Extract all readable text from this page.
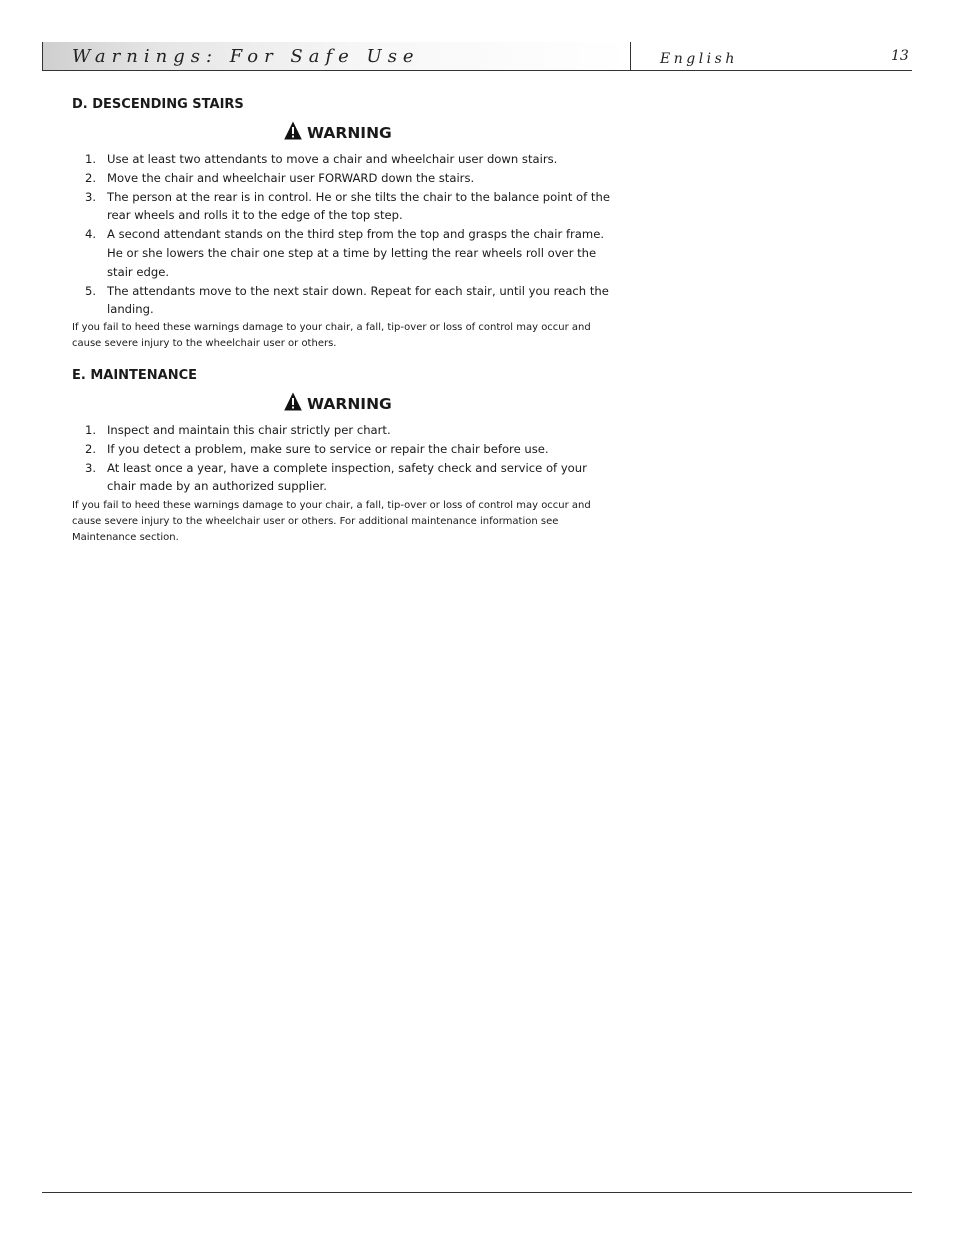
Warnings: For Safe Use	English	13
D. DESCENDING STAIRS
WARNING
1. Use at least two attendants to move a chair and wheelchair user down stairs.
2. Move the chair and wheelchair user FORWARD down the stairs.
3. The person at the rear is in control. He or she tilts the chair to the balance point of the rear wheels and rolls it to the edge of the top step.
4. A second attendant stands on the third step from the top and grasps the chair frame. He or she lowers the chair one step at a time by letting the rear wheels roll over the stair edge.
5. The attendants move to the next stair down. Repeat for each stair, until you reach the landing.
If you fail to heed these warnings damage to your chair, a fall, tip-over or loss of control may occur and cause severe injury to the wheelchair user or others.
E. MAINTENANCE
WARNING
1. Inspect and maintain this chair strictly per chart.
2. If you detect a problem, make sure to service or repair the chair before use.
3. At least once a year, have a complete inspection, safety check and service of your chair made by an authorized supplier.
If you fail to heed these warnings damage to your chair, a fall, tip-over or loss of control may occur and cause severe injury to the wheelchair user or others. For additional maintenance information see Maintenance section.
